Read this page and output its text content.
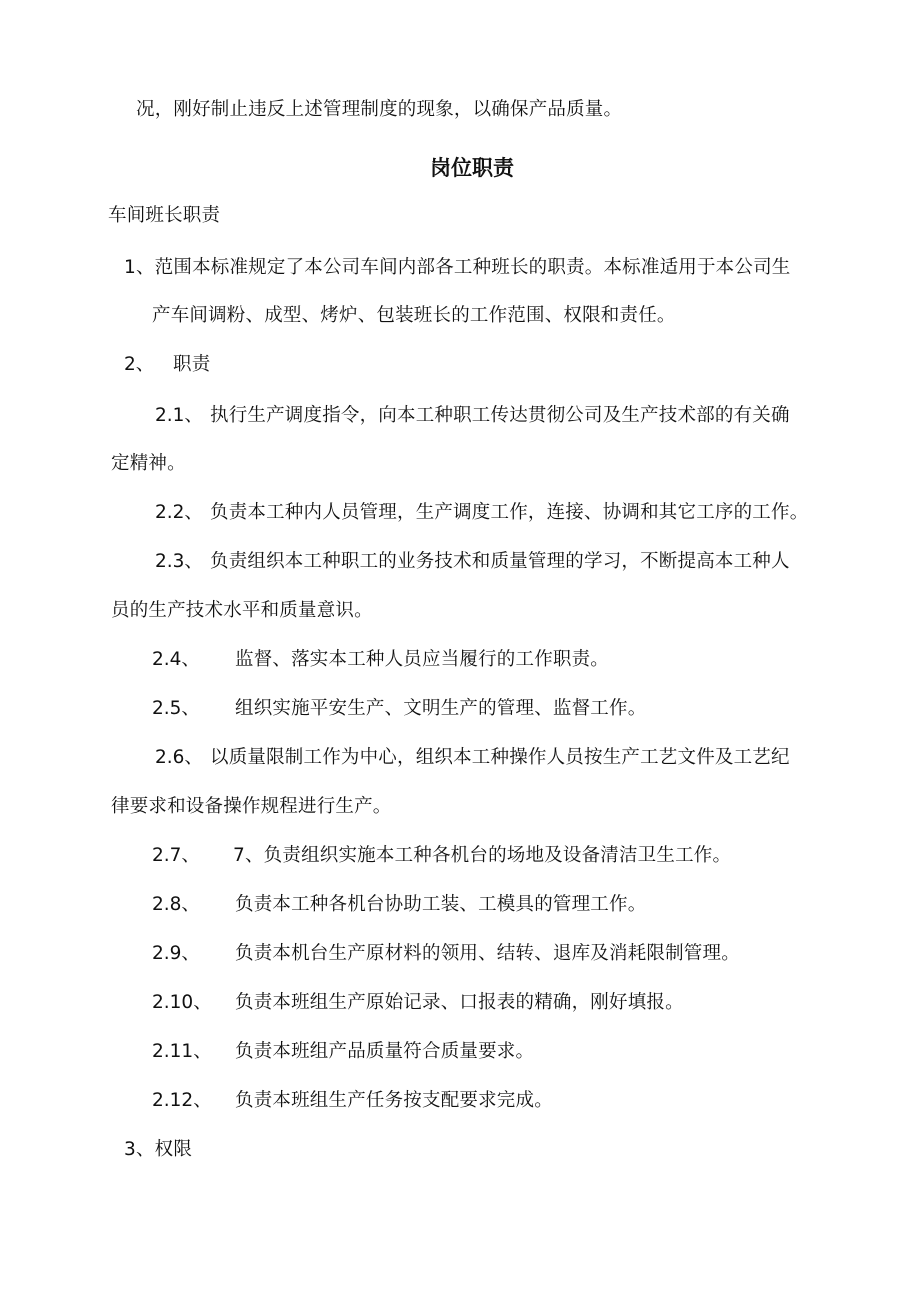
况，刚好制止违反上述管理制度的现象，以确保产品质量。
岗位职责
车间班长职责
1、范围本标准规定了本公司车间内部各工种班长的职责。本标准适用于本公司生
产车间调粉、成型、烤炉、包装班长的工作范围、权限和责任。
2、 职责
2.1、 执行生产调度指令，向本工种职工传达贯彻公司及生产技术部的有关确
定精神。
2.2、 负责本工种内人员管理，生产调度工作，连接、协调和其它工序的工作。
2.3、 负责组织本工种职工的业务技术和质量管理的学习，不断提高本工种人
员的生产技术水平和质量意识。
2.4、 监督、落实本工种人员应当履行的工作职责。
2.5、 组织实施平安生产、文明生产的管理、监督工作。
2.6、 以质量限制工作为中心，组织本工种操作人员按生产工艺文件及工艺纪
律要求和设备操作规程进行生产。
2.7、 7、负责组织实施本工种各机台的场地及设备清洁卫生工作。
2.8、 负责本工种各机台协助工装、工模具的管理工作。
2.9、 负责本机台生产原材料的领用、结转、退库及消耗限制管理。
2.10、 负责本班组生产原始记录、口报表的精确，刚好填报。
2.11、 负责本班组产品质量符合质量要求。
2.12、 负责本班组生产任务按支配要求完成。
3、权限
